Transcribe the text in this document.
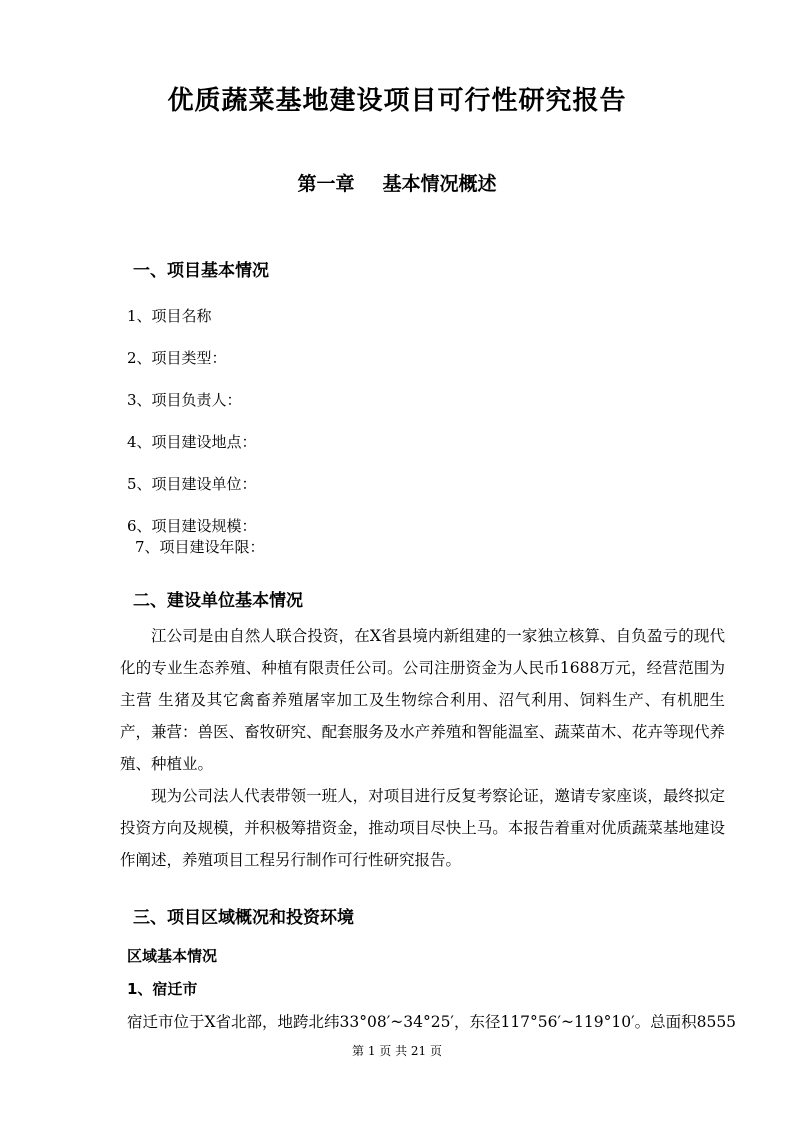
优质蔬菜基地建设项目可行性研究报告
第一章 基本情况概述
一、项目基本情况
1、项目名称
2、项目类型：
3、项目负责人：
4、项目建设地点：
5、项目建设单位：
6、项目建设规模：
7、项目建设年限：
二、建设单位基本情况

江公司是由自然人联合投资，在X省县境内新组建的一家独立核算、自负盈亏的现代化的专业生态养殖、种植有限责任公司。公司注册资金为人民币1688万元，经营范围为主营 生猪及其它禽畜养殖屠宰加工及生物综合利用、沼气利用、饲料生产、有机肥生产，兼营：兽医、畜牧研究、配套服务及水产养殖和智能温室、蔬菜苗木、花卉等现代养殖、种植业。

现为公司法人代表带领一班人，对项目进行反复考察论证，邀请专家座谈，最终拟定投资方向及规模，并积极筹措资金，推动项目尽快上马。本报告着重对优质蔬菜基地建设作阐述，养殖项目工程另行制作可行性研究报告。

三、项目区域概况和投资环境
区域基本情况
1、宿迁市
宿迁市位于X省北部，地跨北纬33°08′~34°25′，东径117°56′~119°10′。总面积8555
第 1 页 共 21 页
